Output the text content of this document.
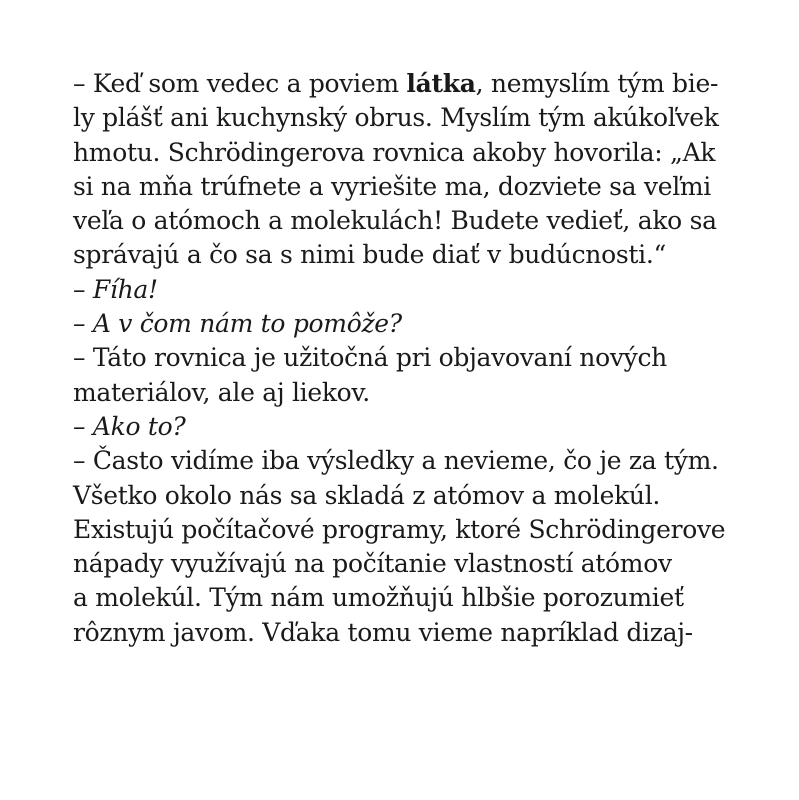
– Keď som vedec a poviem látka, nemyslím tým bie-
ly plášť ani kuchynský obrus. Myslím tým akúkoľvek
hmotu. Schrödingerova rovnica akoby hovorila: „Ak
si na mňa trúfnete a vyriešite ma, dozviete sa veľmi
veľa o atómoch a molekulách! Budete vedieť, ako sa
správajú a čo sa s nimi bude diať v budúcnosti.“
– Fíha!
– A v čom nám to pomôže?
– Táto rovnica je užitočná pri objavovaní nových
materiálov, ale aj liekov.
– Ako to?
– Často vidíme iba výsledky a nevieme, čo je za tým.
Všetko okolo nás sa skladá z atómov a molekúl.
Existujú počítačové programy, ktoré Schrödingerove
nápady využívajú na počítanie vlastností atómov
a molekúl. Tým nám umožňujú hlbšie porozumieť
rôznym javom. Vďaka tomu vieme napríklad dizaj-
